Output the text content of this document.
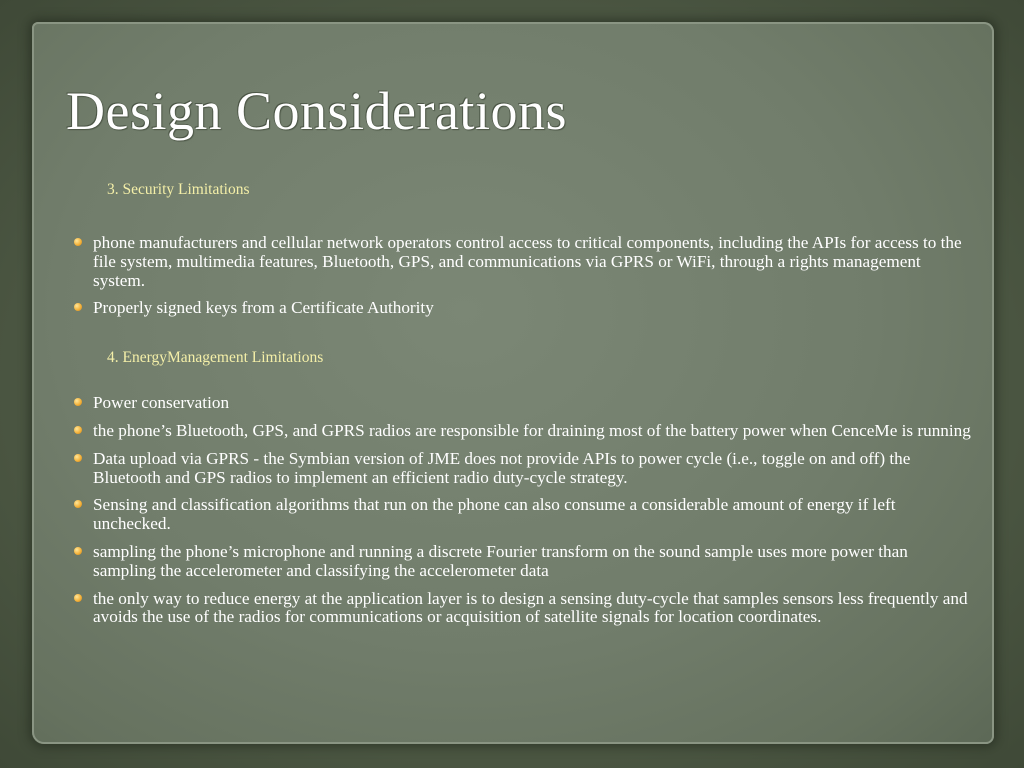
Design Considerations

3. Security Limitations

phone manufacturers and cellular network operators control access to critical components, including the APIs for access to the file system, multimedia features, Bluetooth, GPS, and communications via GPRS or WiFi, through a rights management system.
Properly signed keys from a Certificate Authority

4. EnergyManagement Limitations

Power conservation
the phone’s Bluetooth, GPS, and GPRS radios are responsible for draining most of the battery power when CenceMe is running
Data upload via GPRS - the Symbian version of JME does not provide APIs to power cycle (i.e., toggle on and off) the Bluetooth and GPS radios to implement an efficient radio duty-cycle strategy.
Sensing and classification algorithms that run on the phone can also consume a considerable amount of energy if left unchecked.
sampling the phone’s microphone and running a discrete Fourier transform on the sound sample uses more power than sampling the accelerometer and classifying the accelerometer data
the only way to reduce energy at the application layer is to design a sensing duty-cycle that samples sensors less frequently and avoids the use of the radios for communications or acquisition of satellite signals for location coordinates.
